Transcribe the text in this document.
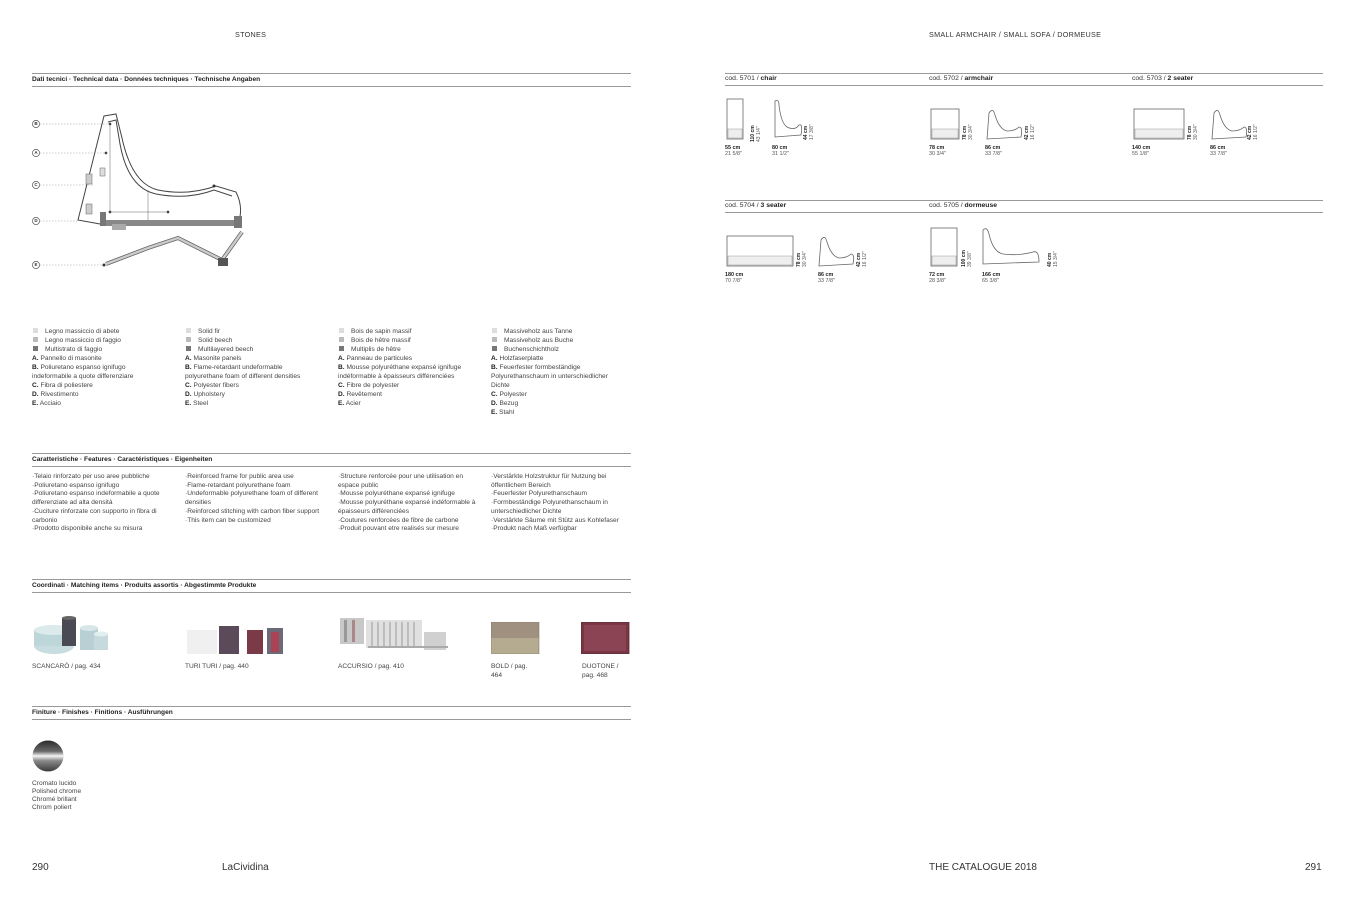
STONES	SMALL ARMCHAIR / SMALL SOFA / DORMEUSE
Dati tecnici · Technical data · Données techniques · Technische Angaben
B
A
C
D
E
Legno massiccio di abete
Legno massiccio di faggio
Multistrato di faggio
A. Pannello di masonite
B. Poliuretano espanso ignifugo indeformabile a quote differenziare
C. Fibra di poliestere
D. Rivestimento
E. Acciaio
Solid fir
Solid beech
Multilayered beech
A. Masonite panels
B. Flame-retardant undeformable polyurethane foam of different densities
C. Polyester fibers
D. Upholstery
E. Steel
Bois de sapin massif
Bois de hêtre massif
Multiplis de hêtre
A. Panneau de particules
B. Mousse polyuréthane expansé ignifuge indéformable à épaisseurs différenciées
C. Fibre de polyester
D. Revêtement
E. Acier
Massiveholz aus Tanne
Massiveholz aus Buche
Buchenschichtholz
A. Holzfaserplatte
B. Feuerfester formbeständige Polyurethanschaum in unterschiedlicher Dichte
C. Polyester
D. Bezug
E. Stahl
Caratteristiche · Features · Caractéristiques · Eigenheiten
·Telaio rinforzato per uso aree pubbliche
·Poliuretano espanso ignifugo
·Poliuretano espanso indeformabile a quote differenziate ad alta densità
·Cuciture rinforzate con supporto in fibra di carbonio
·Prodotto disponibile anche su misura
·Reinforced frame for public area use
·Flame-retardant polyurethane foam
·Undeformable polyurethane foam of different densities
·Reinforced stitching with carbon fiber support
·This item can be customized
·Structure renforcée pour une utilisation en espace public
·Mousse polyuréthane expansé ignifuge
·Mousse polyuréthane expansé indéformable à épaisseurs différenciées
·Coutures renforcées de fibre de carbone
·Produit pouvant etre realisés sur mesure
·Verstärkte Holzstruktur für Nutzung bei öffentlichem Bereich
·Feuerfester Polyurethanschaum
·Formbeständige Polyurethanschaum in unterschiedlicher Dichte
·Verstärkte Säume mit Stütz aus Kohlefaser
·Produkt nach Maß verfügbar
Coordinati · Matching items · Produits assortis · Abgestimmte Produkte
SCANCARÒ / pag. 434	TURI TURI / pag. 440	ACCURSIO / pag. 410	BOLD / pag. 464
DUOTONE / pag. 468
Finiture · Finishes · Finitions · Ausführungen
Cromato lucido
Polished chrome
Chromé brillant
Chrom poliert
cod. 5701 / chair
110 cm
43 1/4"	44 cm
17 3/8"
55 cm
21 5/8"
80 cm
31 1/2"
cod. 5702 / armchair
78 cm
30 3/4"	42 cm
16 1/2"
78 cm
30 3/4"
86 cm
33 7/8"
cod. 5703 / 2 seater
78 cm
30 3/4"	42 cm
16 1/2"
140 cm
55 1/8"
86 cm
33 7/8"
cod. 5704 / 3 seater
78 cm
30 3/4"	42 cm
16 1/2"
180 cm
70 7/8"
86 cm
33 7/8"
cod. 5705 / dormeuse
100 cm
39 3/8"	40 cm
15 3/4"
72 cm
28 3/8"
166 cm
65 3/8"
290	LaCividina	THE CATALOGUE 2018	291
